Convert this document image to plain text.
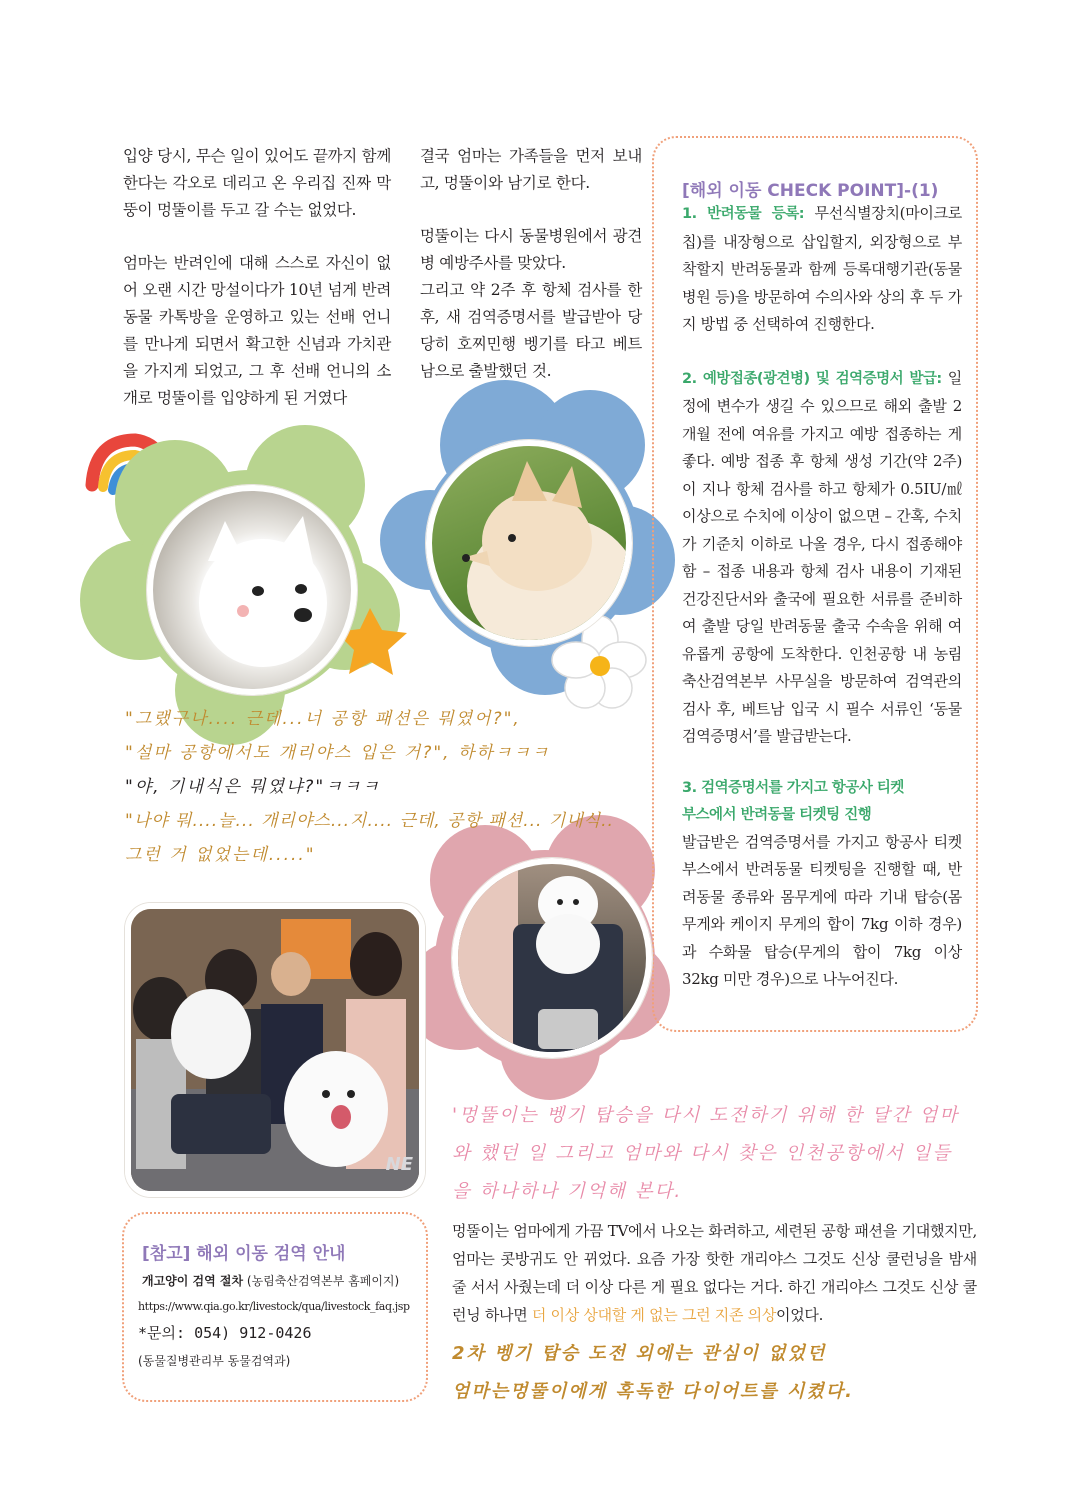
입양 당시, 무슨 일이 있어도 끝까지 함께 한다는 각오로 데리고 온 우리집 진짜 막뚱이 멍뚤이를 두고 갈 수는 없었다.

엄마는 반려인에 대해 스스로 자신이 없어 오랜 시간 망설이다가 10년 넘게 반려동물 카톡방을 운영하고 있는 선배 언니를 만나게 되면서 확고한 신념과 가치관을 가지게 되었고, 그 후 선배 언니의 소개로 멍뚤이를 입양하게 된 거였다

결국 엄마는 가족들을 먼저 보내고, 멍뚤이와 남기로 한다.

멍뚤이는 다시 동물병원에서 광견병 예방주사를 맞았다.

그리고 약 2주 후 항체 검사를 한 후, 새 검역증명서를 발급받아 당당히 호찌민행 벵기를 타고 베트남으로 출발했던 것.

[해외 이동 CHECK POINT]-(1)

1. 반려동물 등록: 무선식별장치(마이크로칩)를 내장형으로 삽입할지, 외장형으로 부착할지 반려동물과 함께 등록대행기관(동물병원 등)을 방문하여 수의사와 상의 후 두 가지 방법 중 선택하여 진행한다.

2. 예방접종(광견병) 및 검역증명서 발급: 일정에 변수가 생길 수 있으므로 해외 출발 2개월 전에 여유를 가지고 예방 접종하는 게 좋다. 예방 접종 후 항체 생성 기간(약 2주)이 지나 항체 검사를 하고 항체가 0.5IU/㎖이상으로 수치에 이상이 없으면 – 간혹, 수치가 기준치 이하로 나올 경우, 다시 접종해야 함 – 접종 내용과 항체 검사 내용이 기재된 건강진단서와 출국에 필요한 서류를 준비하여 출발 당일 반려동물 출국 수속을 위해 여유롭게 공항에 도착한다. 인천공항 내 농림축산검역본부 사무실을 방문하여 검역관의 검사 후, 베트남 입국 시 필수 서류인 ‘동물검역증명서’를 발급받는다.

3. 검역증명서를 가지고 항공사 티켓
부스에서 반려동물 티켓팅 진행

발급받은 검역증명서를 가지고 항공사 티켓 부스에서 반려동물 티켓팅을 진행할 때, 반려동물 종류와 몸무게에 따라 기내 탑승(몸무게와 케이지 무게의 합이 7kg 이하 경우)과 수화물 탑승(무게의 합이 7kg 이상 32kg 미만 경우)으로 나누어진다.

"그랬구나.... 근데...너 공항 패션은 뭐였어?",
"설마 공항에서도 개리야스 입은 거?", 하하ㅋㅋㅋ
"야, 기내식은 뭐였냐?"ㅋㅋㅋ
"나야 뭐....늘... 개리야스...지.... 근데, 공항 패션... 기내식..
그런 거 없었는데....."
NE
'멍뚤이는 벵기 탑승을 다시 도전하기 위해 한 달간 엄마
와 했던 일 그리고 엄마와 다시 찾은 인천공항에서 일들
을 하나하나 기억해 본다.
[참고] 해외 이동 검역 안내
개고양이 검역 절차 (농림축산검역본부 홈페이지)
https://www.qia.go.kr/livestock/qua/livestock_faq.jsp
*문의: 054) 912-0426
(동물질병관리부 동물검역과)

멍뚤이는 엄마에게 가끔 TV에서 나오는 화려하고, 세련된 공항 패션을 기대했지만, 엄마는 콧방귀도 안 뀌었다. 요즘 가장 핫한 개리야스 그것도 신상 쿨런닝을 밤새 줄 서서 사줬는데 더 이상 다른 게 필요 없다는 거다. 하긴 개리야스 그것도 신상 쿨런닝 하나면 더 이상 상대할 게 없는 그런 지존 의상이었다.

2차 벵기 탑승 도전 외에는 관심이 없었던
엄마는멍뚤이에게 혹독한 다이어트를 시켰다.
